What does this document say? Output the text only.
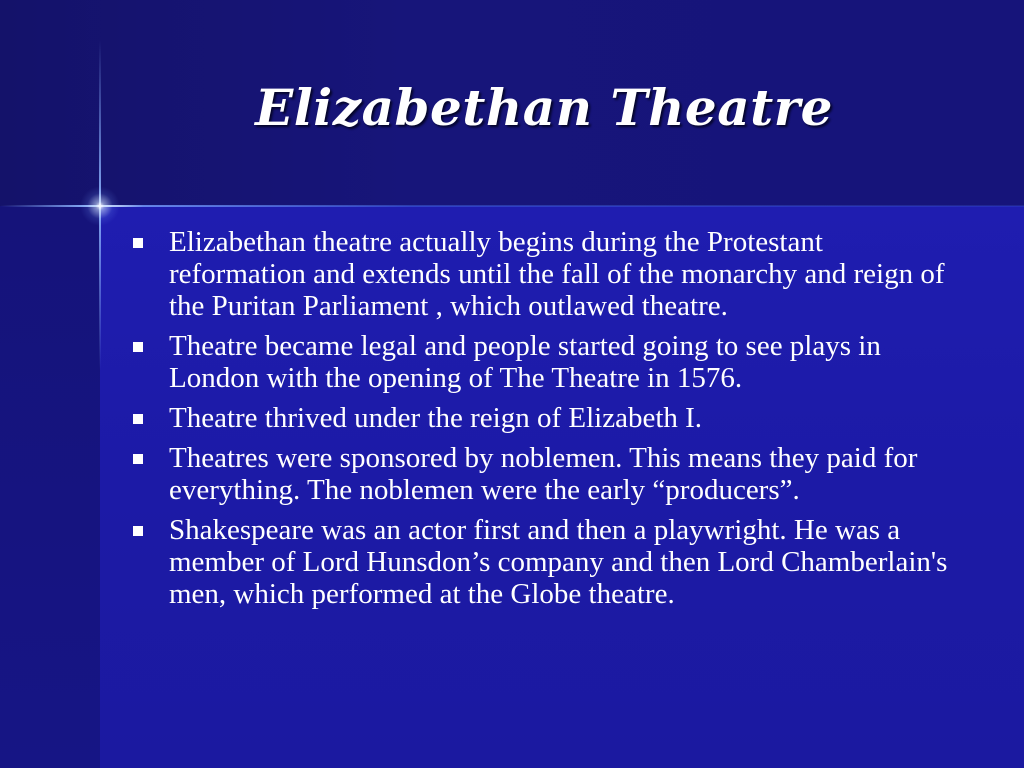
Elizabethan Theatre
Elizabethan theatre actually begins during the Protestant reformation and extends until the fall of the monarchy and reign of the Puritan Parliament , which outlawed theatre.
Theatre became legal and people started going to see plays in London with the opening of The Theatre in 1576.
Theatre thrived under the reign of Elizabeth I.
Theatres were sponsored by noblemen. This means they paid for everything. The noblemen were the early “producers”.
Shakespeare was an actor first and then a playwright. He was a member of Lord Hunsdon’s company and then Lord Chamberlain's men, which performed at the Globe theatre.
